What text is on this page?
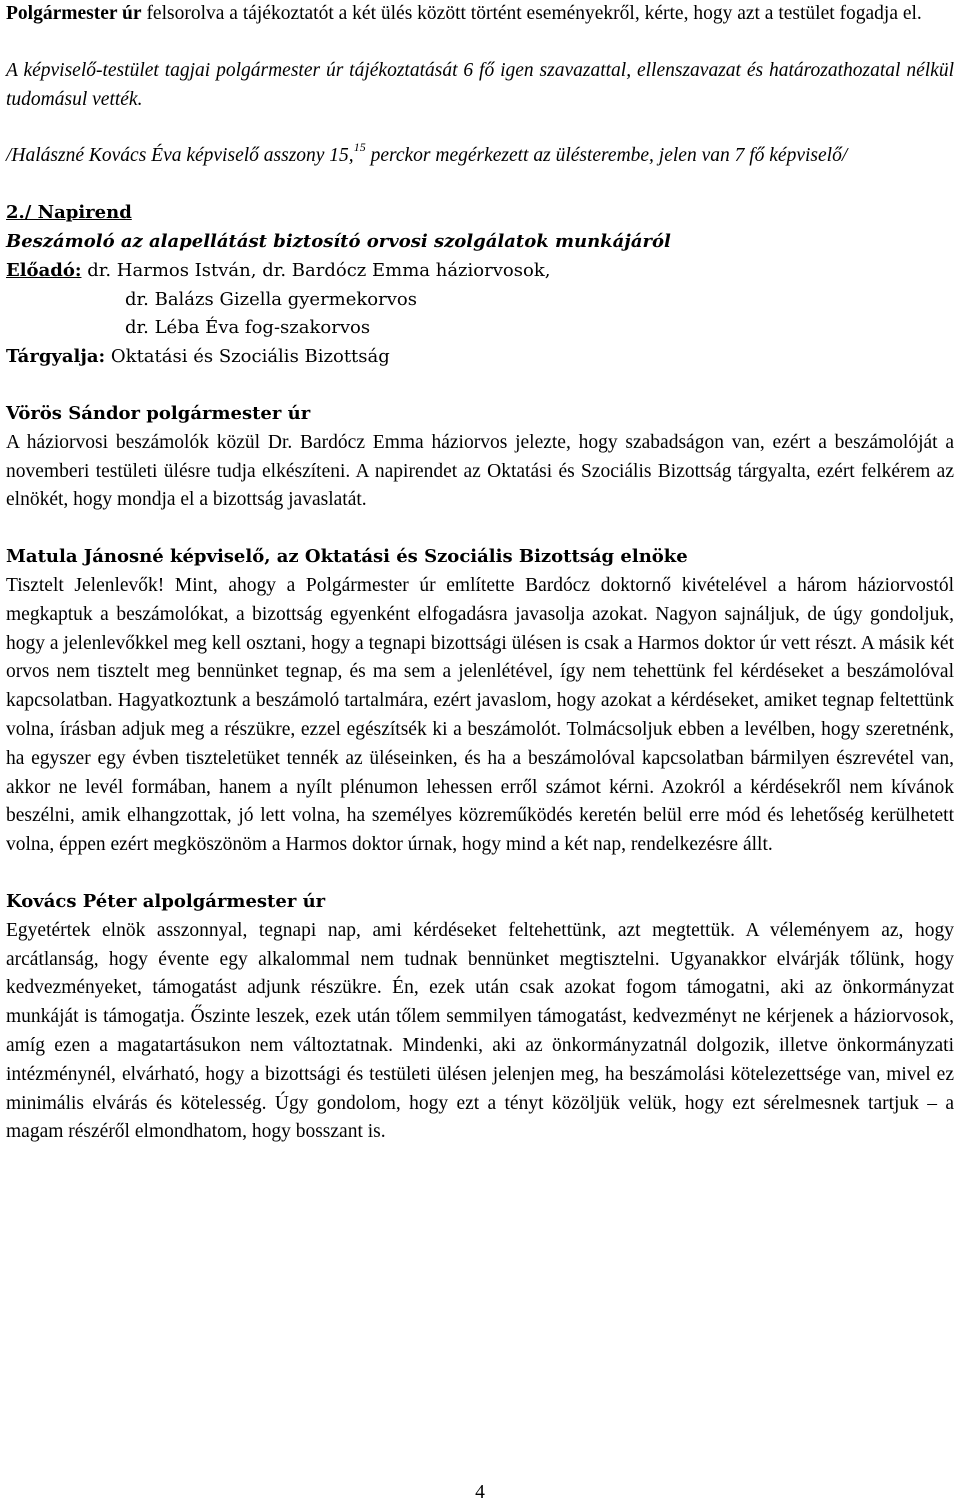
Polgármester úr felsorolva a tájékoztatót a két ülés között történt eseményekről, kérte, hogy azt a testület fogadja el.

A képviselő-testület tagjai polgármester úr tájékoztatását 6 fő igen szavazattal, ellenszavazat és határozathozatal nélkül tudomásul vették.

/Halászné Kovács Éva képviselő asszony 15,15 perckor megérkezett az ülésterembe, jelen van 7 fő képviselő/

2./ Napirend

Beszámoló az alapellátást biztosító orvosi szolgálatok munkájáról

Előadó: dr. Harmos István, dr. Bardócz Emma háziorvosok,

dr. Balázs Gizella gyermekorvos

dr. Léba Éva fog-szakorvos

Tárgyalja: Oktatási és Szociális Bizottság

Vörös Sándor polgármester úr

A háziorvosi beszámolók közül Dr. Bardócz Emma háziorvos jelezte, hogy szabadságon van, ezért a beszámolóját a novemberi testületi ülésre tudja elkészíteni. A napirendet az Oktatási és Szociális Bizottság tárgyalta, ezért felkérem az elnökét, hogy mondja el a bizottság javaslatát.

Matula Jánosné képviselő, az Oktatási és Szociális Bizottság elnöke

Tisztelt Jelenlevők! Mint, ahogy a Polgármester úr említette Bardócz doktornő kivételével a három háziorvostól megkaptuk a beszámolókat, a bizottság egyenként elfogadásra javasolja azokat. Nagyon sajnáljuk, de úgy gondoljuk, hogy a jelenlevőkkel meg kell osztani, hogy a tegnapi bizottsági ülésen is csak a Harmos doktor úr vett részt. A másik két orvos nem tisztelt meg bennünket tegnap, és ma sem a jelenlétével, így nem tehettünk fel kérdéseket a beszámolóval kapcsolatban. Hagyatkoztunk a beszámoló tartalmára, ezért javaslom, hogy azokat a kérdéseket, amiket tegnap feltettünk volna, írásban adjuk meg a részükre, ezzel egészítsék ki a beszámolót. Tolmácsoljuk ebben a levélben, hogy szeretnénk, ha egyszer egy évben tiszteletüket tennék az üléseinken, és ha a beszámolóval kapcsolatban bármilyen észrevétel van, akkor ne levél formában, hanem a nyílt plénumon lehessen erről számot kérni. Azokról a kérdésekről nem kívánok beszélni, amik elhangzottak, jó lett volna, ha személyes közreműködés keretén belül erre mód és lehetőség kerülhetett volna, éppen ezért megköszönöm a Harmos doktor úrnak, hogy mind a két nap, rendelkezésre állt.

Kovács Péter alpolgármester úr

Egyetértek elnök asszonnyal, tegnapi nap, ami kérdéseket feltehettünk, azt megtettük. A véleményem az, hogy arcátlanság, hogy évente egy alkalommal nem tudnak bennünket megtisztelni. Ugyanakkor elvárják tőlünk, hogy kedvezményeket, támogatást adjunk részükre. Én, ezek után csak azokat fogom támogatni, aki az önkormányzat munkáját is támogatja. Őszinte leszek, ezek után tőlem semmilyen támogatást, kedvezményt ne kérjenek a háziorvosok, amíg ezen a magatartásukon nem változtatnak. Mindenki, aki az önkormányzatnál dolgozik, illetve önkormányzati intézménynél, elvárható, hogy a bizottsági és testületi ülésen jelenjen meg, ha beszámolási kötelezettsége van, mivel ez minimális elvárás és kötelesség. Úgy gondolom, hogy ezt a tényt közöljük velük, hogy ezt sérelmesnek tartjuk – a magam részéről elmondhatom, hogy bosszant is.

4
